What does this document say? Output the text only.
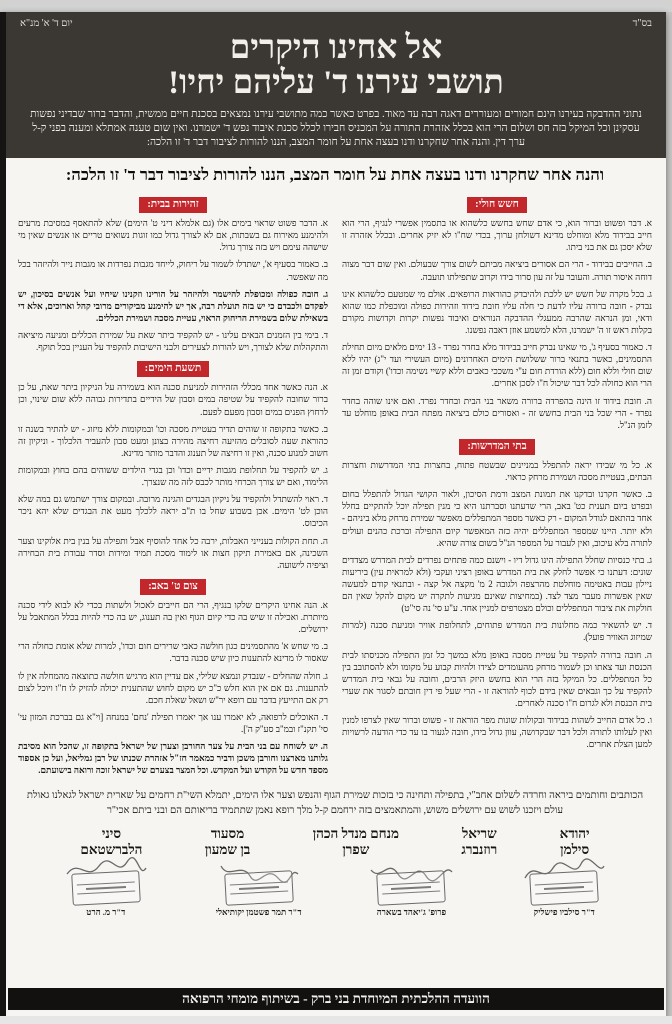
בס"ד
יום ד' א' מנ"א
אל אחינו היקרים
תושבי עירנו ד' עליהם יחיו!
נתוני ההדבקה בעירנו הינם חמורים ומעוררים דאגה רבה עד מאוד. בפרט כאשר כמה מתושבי עירנו נמצאים בסכנת חיים ממשית, והדבר ברור שבדיני נפשות עסקינן וכל המיקל בזה חס ושלום הרי הוא בכלל אזהרת התורה על המכניס חבירו לכלל סכנת איבוד נפש ד' ישמרנו. ואין שום טענה אמתלא ומענה בפני ק-ל ערך דין. והנה אחר שחקרנו ודנו בעצה אחת על חומר המצב, הננו להורות לציבור דבר ד' זו הלכה:
והנה אחר שחקרנו ודנו בעצה אחת על חומר המצב, הננו להורות לציבור דבר ד' זו הלכה:
חשש חולי:

א. דבר ופשוט וברור הוא, כי אדם שחש בחשש כלשהוא או בתסמין אפשרי לנגיף, הרי הוא חייב בבידוד מלא ומוחלט מדינא דשולחן ערוך, בכדי שח"ו לא יזיק אחרים. ובכלל אזהרה זו שלא יסכן גם את בני ביתו.

ב. החייבים בבידוד - הרי הם אסורים ביציאה מביתם לשום צורך שבעולם. ואין שום דבר מצוה דוחה איסור תורה. והעובר על זה עון סרור בידו וקרוב שתפילתו תועבה.

ג. בכל מקרה של חשש יש ללכת ולהיבדק כהוראות הרופאים. אולם מי שמטעם כלשהוא אינו נבדק - חובה ברורה עליו לדעת כי חלה עליו חובת בידוד וזהירות כפולה ומוכפלת כמו שהוא ודאי, ומן הנראה שהרבה ממעגלי ההדבקה הנוראים ואיבוד נפשות יקרות וקדושות מקורם בקלות ראש זו ה' ישמרנו, הלא למשמע אוזן דאבה נפשנו.

ד. כאמור בסעיף ג', מי שאינו נבדק חייב בבידוד מלא בחדר נפרד - 13 ימים מלאים מיום תחילת התסמינים, כאשר בתנאי ברור ששלושת הימים האחרונים (מיום העשירי ועד י"ג) יהיו ללא שום חולי וללא חום (ללא הורדת חום ע"י משככי כאבים וללא קשיי נשימה וכדו') וקודם זמן זה הרי הוא כחולה לכל דבר שיכול ח"ו לסכן אחרים.

ה. חובת בידוד זו הינה בהפרדה ברורה משאר בני הבית ובחדר נפרד. ואם אינו שוהה בחדר נפרד - הרי שכל בני הבית בחשש זה - ואסורים כולם ביציאה מפתח הבית באופן מוחלט עד לזמן הנ"ל.

בתי המדרשות:

א. כל מי שבידו יראה להתפלל במניינים שבשטח פתוח, בחצרות בתי המדרשות וחצרות הבתים, בעטיית מסכה ושמירת מרחק כראוי.

ב. כאשר חקרנו ובדקנו את תמונת המצב ורמת הסיכון, ולאור הקושי הגדול להתפלל בחום ובפרט ביום תענית כט' באב, הרי שדעתנו וסברתנו היא כי מנין תפילה יוכל להתקיים בחלל אחד בהתאם לגודל המקום - רק כאשר מספר המתפללים מאפשר שמירת מרחק מלא ביניהם - ולא יותר. היינו שמספר המתפללים יהיה כזה המאפשר קיום התפילה וברכת כהנים ועולים לתורה בלא עיכוב, ואין לעבור על המספר הנ"ל בשום צורה שהיא.

ג. בתי כנסיות שחלל התפילה הינו גדול דיו - וישנם כמה פתחים נפרדים לבית המדרש מצדדים שונים: דעתנו כי אפשר לחלק את בית המדרש באופן רציני ועקבי (ולא למראית עין) ביריעות ניילון עבות באטימה מוחלטת מהרצפה ולגובה 2 מ' מקצה אל קצה - ובתנאי קודם למעשה שאין אפשרות מעבר מצד לצד. (במחיצות שאינם מגיעות לתקרה יש מקום להקל שאין הם חולקות את ציבור המתפללים וכולם מצטרפים למניין אחד. ע"ע סי' נה סי"ט)

ד. יש להשאיר כמה מחלונות בית המדרש פתוחים, לתחלופת אוויר ומניעת סכנה (למרות שמיזוג האוויר פועל).

ה. חובה ברורה להקפיד על עטיית מסכה באופן מלא במשך כל זמן התפילה מכניסתו לבית הכנסת ועד צאתו וכן לשמור מרחק מהעומדים לצידו ולהיות קבוע על מקומו ולא להסתובב בין כל המתפללים. כל המיקל בזה הרי הוא בחשש היזק הרבים, וחובה על גבאי בית המדרש להקפיד על כך וגבאים שאין בידם לכוף להוראה זו - הרי שעל פי דין חובתם לסגור את שערי בית הכנסת ולא לגרום ח"ו סכנה לאחרים.

ו. כל אדם החייב לשהות בבידוד ובקולות שונות מפר הוראה זו - פשוט וברור שאין לצרפו למנין ואין לעלותו לתורה ולכל דבר שבקדושה, עוון גדול בידו, חובה לגעור בו עד כדי הודעה לרשויות למען הצלת אחרים.

זהירות בבית:

א. הדבר פשוט שראוי בימים אלו (גם אלמלא דיני ט' הימים) שלא להתאסף במסיבת מרעים ולהימנע מאירוח גם בשבתות, אם לא לצורך גדול כמו זוגות נשואים טריים או אנשים שאין מי שישהה עימם ויש בזה צורך גדול.

ב. כאמור בסעיף א', ישתדלו לשמור על ריחוק, לייחד מגבות נפרדות או מגבות נייר ולהיזהר בכל מה שאפשר.

ג. חובה כפולה ומכופלת להישמר ולהיזהר על הורינו וזקנינו שיחיו ועל אנשים בסיכון, יש לפקדם ולכבדם כי יש בזה תועלת רבה, אך יש להימנע מביקורים מרובי קהל וארוכים, אלא די בשאילת שלום בשמירת הריחוק הראוי, עטיית מסכה ושמירת הכללים.

ד. בימי בין הזמנים הבאים עלינו - יש להקפיד ביתר שאת על שמירת הכללים ומניעה מיציאה והתקהלות שלא לצורך, ויש להורות לצעירים ולבני הישיבות להקפיד על העניין בכל תוקף.

תשעת הימים:

א. הנה כאשר אחד מכללי הזהירות למניעת סכנה הוא בשמירה על הניקיון ביתר שאת, על כן ברור שחובה להקפיד על שטיפה במים וסבון של הידיים בתדירות גבוהה ללא שום שינוי, וכן לרחוץ הפנים במים וסבון מפעם לפעם.

ב. כאשר בתקופה זו שוהים תדיר בעטיית מסכה וכו' ובמקומות ללא מיזוג - יש להתיר בשנה זו כהוראת שעה לסובלים מהזיעה רחיצה מהירה בצונן ומעט סבון להעביר הלכלוך - וניקיון זה חשוב למנוע סכנה, ואין זו רחיצה של תענוג והדבר מותר מדינא.

ג. יש להקפיד על תחלופת מגבות ידיים וכדו' וכן בגדי הילדים ששוהים בהם בחוץ ובמקומות הלימוד, ואם יש צורך הכרחי מותר לכבס לזה מה שנצרך.

ד. ראוי להשתדל ולהקפיד על ניקיון הבגדים והגינה מרובה. ובמקום צורך ישתמש גם במה שלא הוכן לט' הימים. אכן בשבוע שחל בו ת"ב יראה ללכלך מעט את הבגדים שלא יהא ניכר הכיבוס.

ה. תחת הקולות בענייני האבלות, ירבה כל אחד להוסיף אבל ותפילה על בנין בית אלוקינו וצער השכינה, אם באמירת תיקון חצות או לימוד מסכת תמיד ומידות וסדר עבודת בית הבחירה וציפיה לישועה.

צום ט' באב:

א. הנה אחינו היקרים שלקו בנגיף, הרי הם חייבים לאכול ולשתות בכדי לא לבוא לידי סכנה מיותרת. ואכילה זו שיש בה כדי קיום הגוף ואין בה תענוג, יש בה כדי להיות בכלל המתאבל על ירושלים.

ב. מי שחש א' מהתסמינים כגון חולשה כאבי שרירים חום וכדו', למרות שלא אומת כחולה הרי שאסור לו מדינא להתענות כיון שיש סכנה בדבר.

ג. חולה שהחלים - שנבדק ונמצא שלילי, אם עדיין הוא מרגיש חולשה כתוצאה מהמחלה אין לו להתענות. גם אם אין הוא חלש כ"כ יש מקום לחוש שהתענית יכולה להזיק לו ח"ו ויוכל לצום רק אם התייעץ בדבר עם רופא יר"ש ושאל שאלת חכם.

ד. האוכלים לרפואה, לא יאמרו ענו אך יאמרו תפילת 'נחם' במנחה [וי"א גם בברכת המזון עי' סי' תקנ"ז ובמ"ב סע"ק ה'].

ה. יש לשוחח עם בני הבית על צער החורבן וצערן של ישראל בתקופה זו, שהכל הוא מסיבת גלותנו מארצנו וחורבן משכן ודביר כמאמר חז"ל אזהרת שכנתו של רבן גמליאל, ועל כן אספוד מספד חדש על הקודש ועל המקדש. וכל המצר בצערם של ישראל זוכה ורואה בישועתם.

הכותבים וחותמים ביראה וחרדה לשלום אחב"י, בתפילה ותחינה כי בזכות שמירת הגוף והנפש וצער אלו הימים, יתמלא השי"ת רחמים על שארית ישראל לגאלנו גאולת עולם ויזכנו לשוש עם ירושלים משוש, והמתאמצים בזה ירחמם ק-ל מלך רופא נאמן שתתמיד בריאותם הם ובני ביתם אכי"ר
יהודא
סילמן
שריאל
רוזנברג
מנחם מנדל הכהן
שפרן
מסעוד
בן שמעון
סיני
הלברשטאם
ד"ר סילביו פישליק
פרופ' ג'יאהד בשארה
ד"ר תמר פשטמן יקותיאלי
ד"ר מ. הרט
הוועדה ההלכתית המיוחדת בני ברק - בשיתוף מומחי הרפואה
